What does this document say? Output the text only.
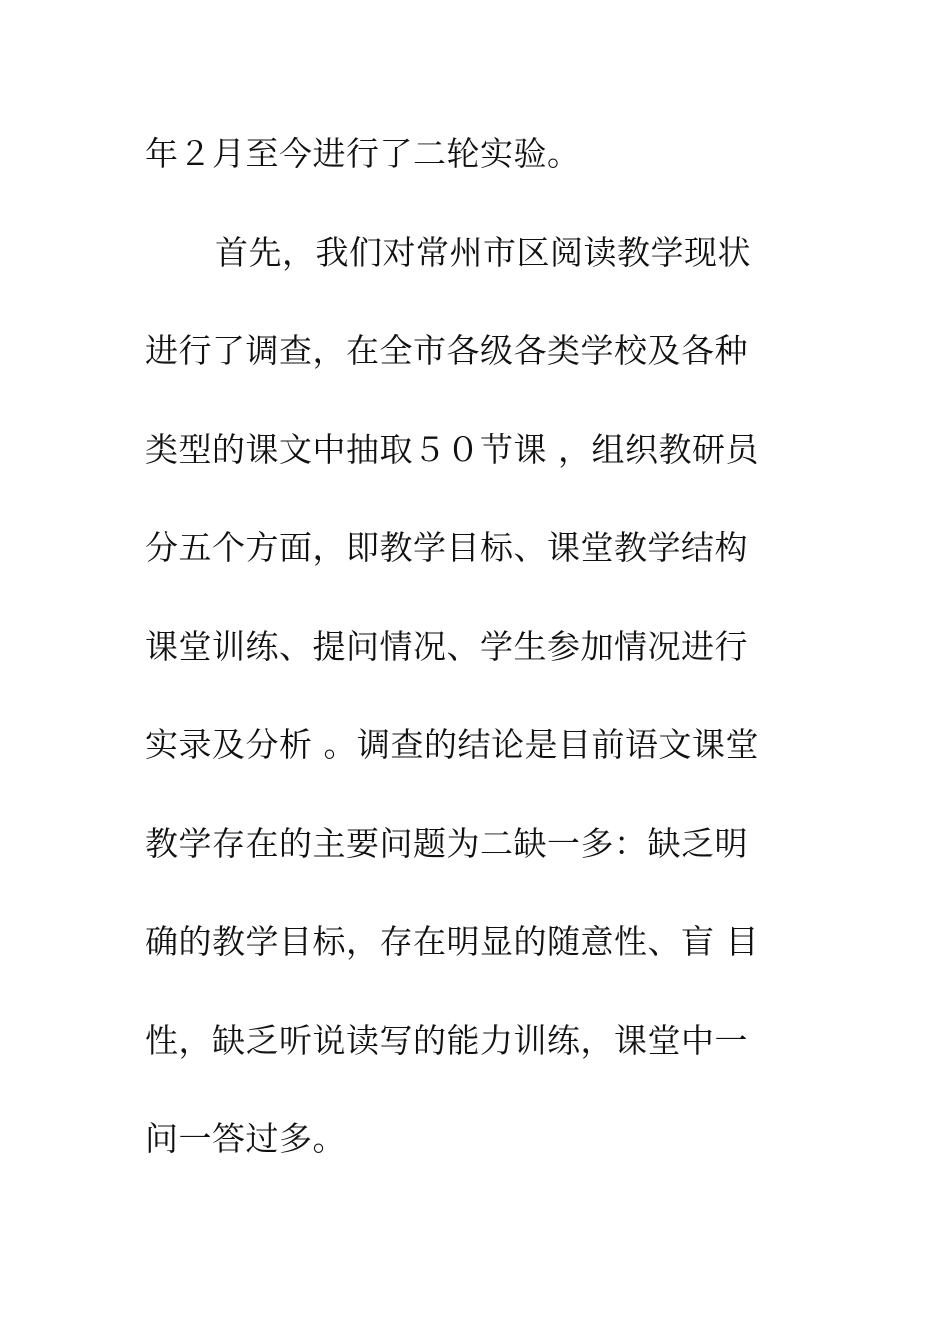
年２月至今进行了二轮实验。
首先，我们对常州市区阅读教学现状
进行了调查，在全市各级各类学校及各种
类型的课文中抽取５０节课 ，组织教研员
分五个方面，即教学目标、课堂教学结构
课堂训练、提问情况、学生参加情况进行
实录及分析 。调查的结论是目前语文课堂
教学存在的主要问题为二缺一多：缺乏明
确的教学目标，存在明显的随意性、盲 目
性，缺乏听说读写的能力训练，课堂中一
问一答过多。
